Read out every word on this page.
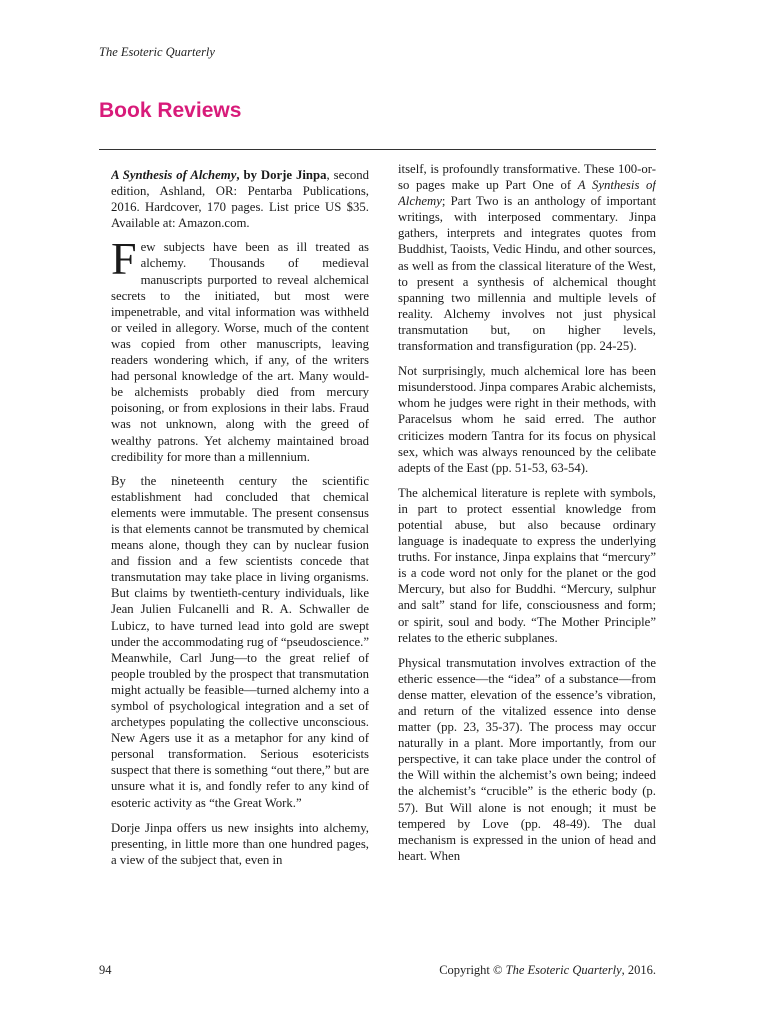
The Esoteric Quarterly
Book Reviews

A Synthesis of Alchemy, by Dorje Jinpa, second edition, Ashland, OR: Pentarba Publications, 2016. Hardcover, 170 pages. List price US $35. Available at: Amazon.com.

Few subjects have been as ill treated as alchemy. Thousands of medieval manuscripts purported to reveal alchemical secrets to the initiated, but most were impenetrable, and vital information was withheld or veiled in allegory. Worse, much of the content was copied from other manuscripts, leaving readers wondering which, if any, of the writers had personal knowledge of the art. Many would-be alchemists probably died from mercury poisoning, or from explosions in their labs. Fraud was not unknown, along with the greed of wealthy patrons. Yet alchemy maintained broad credibility for more than a millennium.

By the nineteenth century the scientific establishment had concluded that chemical elements were immutable. The present consensus is that elements cannot be transmuted by chemical means alone, though they can by nuclear fusion and fission and a few scientists concede that transmutation may take place in living organisms. But claims by twentieth-century individuals, like Jean Julien Fulcanelli and R. A. Schwaller de Lubicz, to have turned lead into gold are swept under the accommodating rug of “pseudoscience.” Meanwhile, Carl Jung—to the great relief of people troubled by the prospect that transmutation might actually be feasible—turned alchemy into a symbol of psychological integration and a set of archetypes populating the collective unconscious. New Agers use it as a metaphor for any kind of personal transformation. Serious esotericists suspect that there is something “out there,” but are unsure what it is, and fondly refer to any kind of esoteric activity as “the Great Work.”

Dorje Jinpa offers us new insights into alchemy, presenting, in little more than one hundred pages, a view of the subject that, even in

itself, is profoundly transformative. These 100-or-so pages make up Part One of A Synthesis of Alchemy; Part Two is an anthology of important writings, with interposed commentary. Jinpa gathers, interprets and integrates quotes from Buddhist, Taoists, Vedic Hindu, and other sources, as well as from the classical literature of the West, to present a synthesis of alchemical thought spanning two millennia and multiple levels of reality. Alchemy involves not just physical transmutation but, on higher levels, transformation and transfiguration (pp. 24-25).

Not surprisingly, much alchemical lore has been misunderstood. Jinpa compares Arabic alchemists, whom he judges were right in their methods, with Paracelsus whom he said erred. The author criticizes modern Tantra for its focus on physical sex, which was always renounced by the celibate adepts of the East (pp. 51-53, 63-54).

The alchemical literature is replete with symbols, in part to protect essential knowledge from potential abuse, but also because ordinary language is inadequate to express the underlying truths. For instance, Jinpa explains that “mercury” is a code word not only for the planet or the god Mercury, but also for Buddhi. “Mercury, sulphur and salt” stand for life, consciousness and form; or spirit, soul and body. “The Mother Principle” relates to the etheric subplanes.

Physical transmutation involves extraction of the etheric essence—the “idea” of a substance—from dense matter, elevation of the essence’s vibration, and return of the vitalized essence into dense matter (pp. 23, 35-37). The process may occur naturally in a plant. More importantly, from our perspective, it can take place under the control of the Will within the alchemist’s own being; indeed the alchemist’s “crucible” is the etheric body (p. 57). But Will alone is not enough; it must be tempered by Love (pp. 48-49). The dual mechanism is expressed in the union of head and heart. When

94	Copyright © The Esoteric Quarterly, 2016.
